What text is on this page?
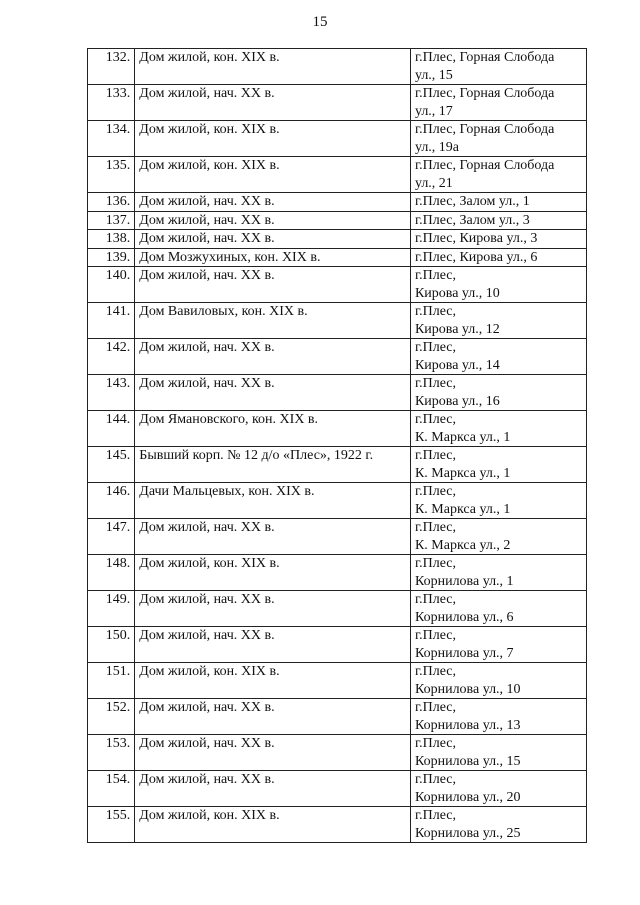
15
132.	Дом жилой, кон. XIX в.	г.Плес, Горная Слобода
ул., 15

133.	Дом жилой, нач. XX в.	г.Плес, Горная Слобода
ул., 17

134.	Дом жилой, кон. XIX в.	г.Плес, Горная Слобода
ул., 19а

135.	Дом жилой, кон. XIX в.	г.Плес, Горная Слобода
ул., 21

136.	Дом жилой, нач. XX в.	г.Плес, Залом ул., 1

137.	Дом жилой, нач. XX в.	г.Плес, Залом ул., 3

138.	Дом жилой, нач. XX в.	г.Плес, Кирова ул., 3

139.	Дом Мозжухиных, кон. XIX в.	г.Плес, Кирова ул., 6

140.	Дом жилой, нач. XX в.	г.Плес,
Кирова ул., 10

141.	Дом Вавиловых, кон. XIX в.	г.Плес,
Кирова ул., 12

142.	Дом жилой, нач. XX в.	г.Плес,
Кирова ул., 14

143.	Дом жилой, нач. XX в.	г.Плес,
Кирова ул., 16

144.	Дом Ямановского, кон. XIX в.	г.Плес,
К. Маркса ул., 1

145.	Бывший корп. № 12 д/о «Плес», 1922 г.	г.Плес,
К. Маркса ул., 1

146.	Дачи Мальцевых, кон. XIX в.	г.Плес,
К. Маркса ул., 1

147.	Дом жилой, нач. XX в.	г.Плес,
К. Маркса ул., 2

148.	Дом жилой, кон. XIX в.	г.Плес,
Корнилова ул., 1

149.	Дом жилой, нач. XX в.	г.Плес,
Корнилова ул., 6

150.	Дом жилой, нач. XX в.	г.Плес,
Корнилова ул., 7

151.	Дом жилой, кон. XIX в.	г.Плес,
Корнилова ул., 10

152.	Дом жилой, нач. XX в.	г.Плес,
Корнилова ул., 13

153.	Дом жилой, нач. XX в.	г.Плес,
Корнилова ул., 15

154.	Дом жилой, нач. XX в.	г.Плес,
Корнилова ул., 20

155.	Дом жилой, кон. XIX в.	г.Плес,
Корнилова ул., 25
